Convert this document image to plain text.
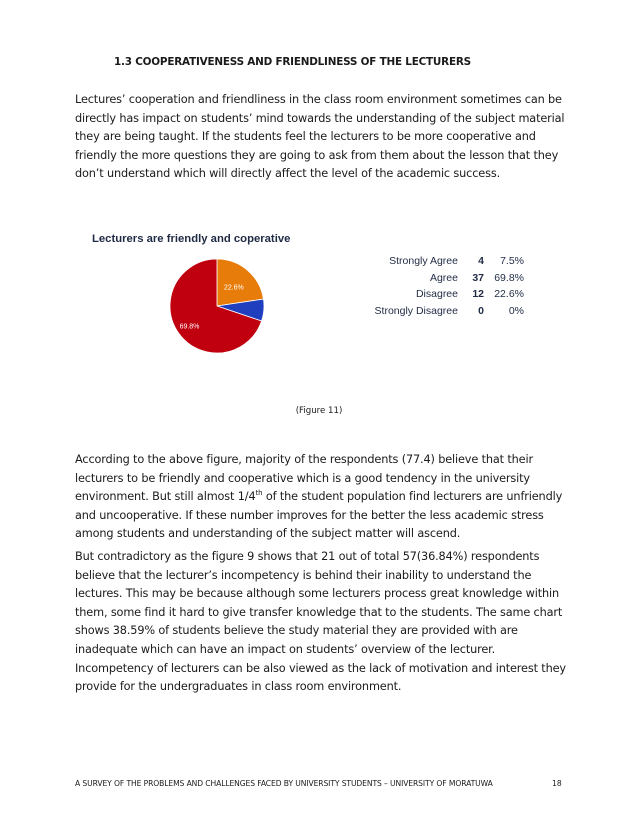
1.3 COOPERATIVENESS AND FRIENDLINESS OF THE LECTURERS

Lectures’ cooperation and friendliness in the class room environment sometimes can be directly has impact on students’ mind towards the understanding of the subject material they are being taught. If the students feel the lecturers to be more cooperative and friendly the more questions they are going to ask from them about the lesson that they don’t understand which will directly affect the level of the academic success.

Lecturers are friendly and coperative
22.6%
69.8%
Strongly Agree	4	7.5%
Agree	37 69.8%
Disagree	12 22.6%
Strongly Disagree	0	0%
(Figure 11)

According to the above figure, majority of the respondents (77.4) believe that their lecturers to be friendly and cooperative which is a good tendency in the university environment. But still almost 1/4th of the student population find lecturers are unfriendly and uncooperative. If these number improves for the better the less academic stress among students and understanding of the subject matter will ascend.

But contradictory as the figure 9 shows that 21 out of total 57(36.84%) respondents believe that the lecturer’s incompetency is behind their inability to understand the lectures. This may be because although some lecturers process great knowledge within them, some find it hard to give transfer knowledge that to the students. The same chart shows 38.59% of students believe the study material they are provided with are inadequate which can have an impact on students’ overview of the lecturer. Incompetency of lecturers can be also viewed as the lack of motivation and interest they provide for the undergraduates in class room environment.

A SURVEY OF THE PROBLEMS AND CHALLENGES FACED BY UNIVERSITY STUDENTS – UNIVERSITY OF MORATUWA	18
